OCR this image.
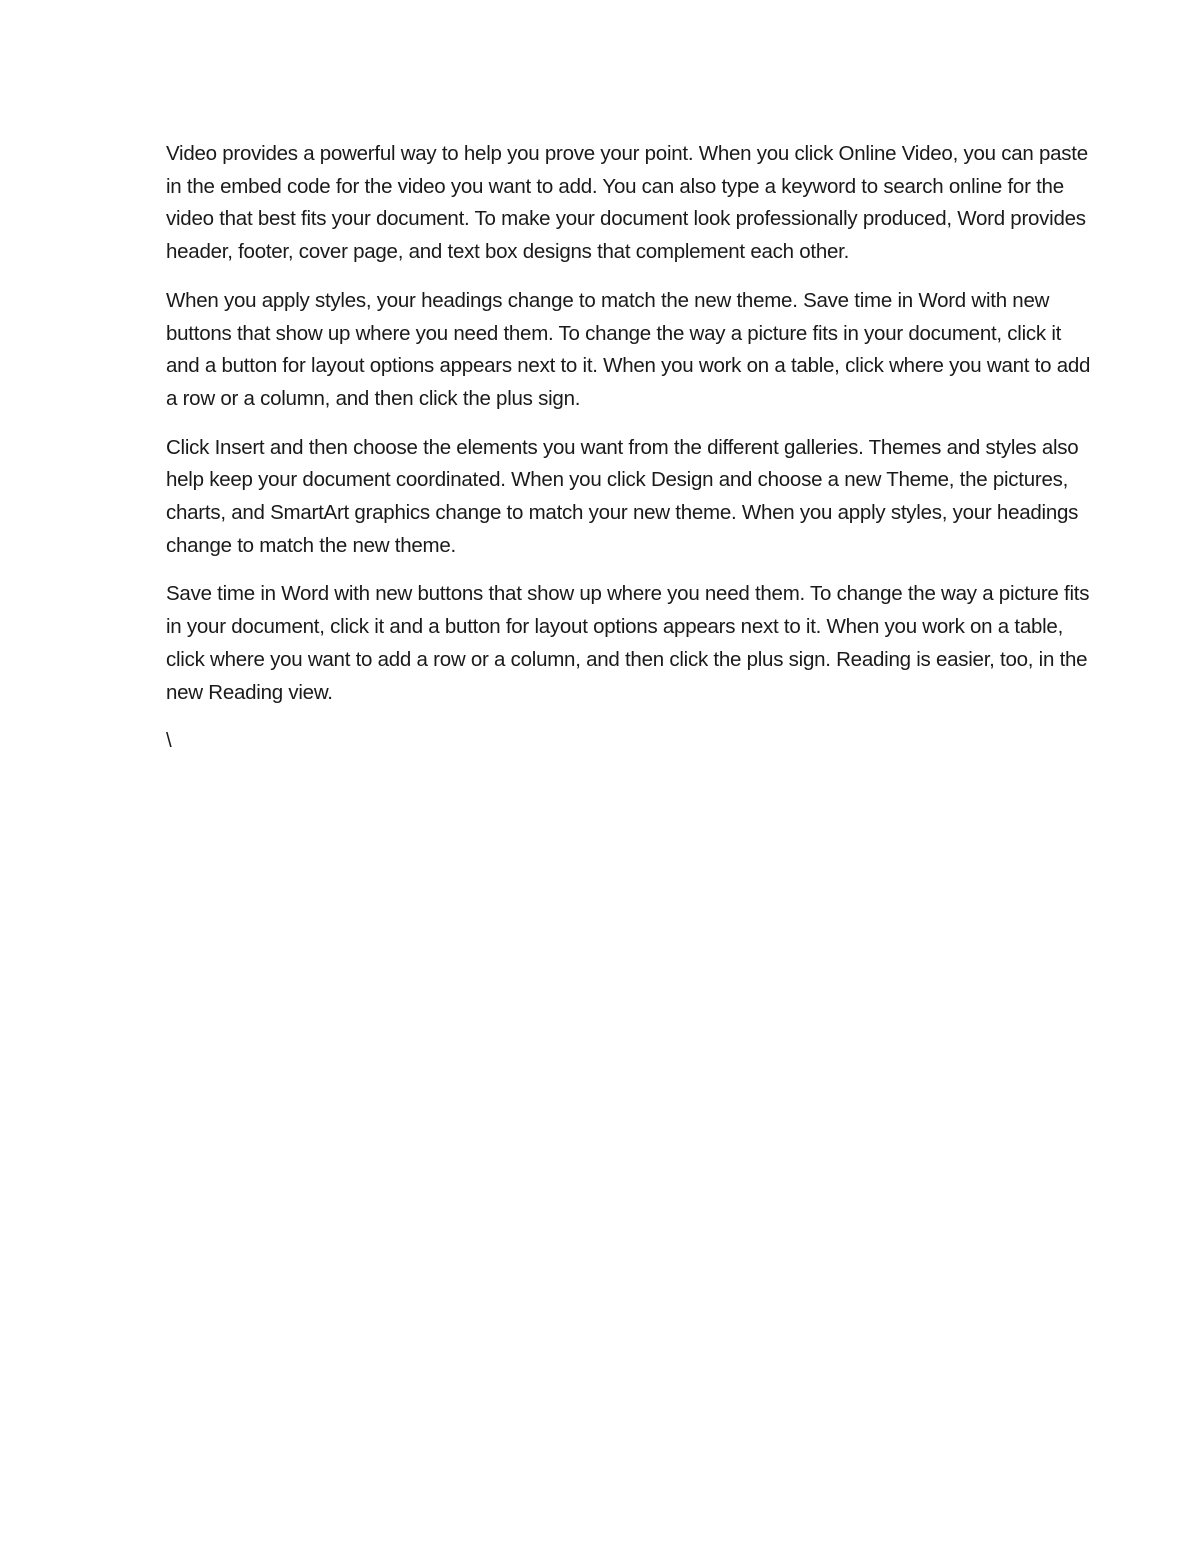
Video provides a powerful way to help you prove your point. When you click Online Video, you can paste in the embed code for the video you want to add. You can also type a keyword to search online for the video that best fits your document. To make your document look professionally produced, Word provides header, footer, cover page, and text box designs that complement each other.

When you apply styles, your headings change to match the new theme. Save time in Word with new buttons that show up where you need them. To change the way a picture fits in your document, click it and a button for layout options appears next to it. When you work on a table, click where you want to add a row or a column, and then click the plus sign.

Click Insert and then choose the elements you want from the different galleries. Themes and styles also help keep your document coordinated. When you click Design and choose a new Theme, the pictures, charts, and SmartArt graphics change to match your new theme. When you apply styles, your headings change to match the new theme.

Save time in Word with new buttons that show up where you need them. To change the way a picture fits in your document, click it and a button for layout options appears next to it. When you work on a table, click where you want to add a row or a column, and then click the plus sign. Reading is easier, too, in the new Reading view.

\
